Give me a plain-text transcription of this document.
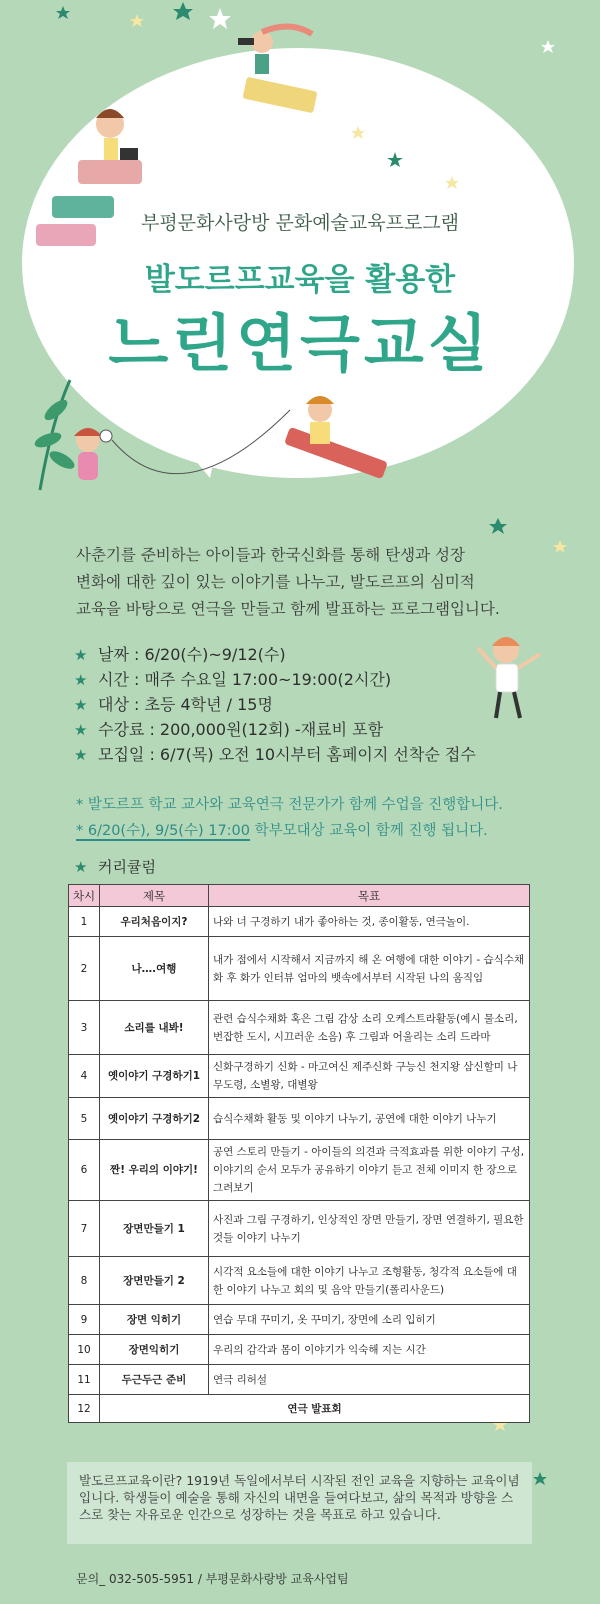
부평문화사랑방 문화예술교육프로그램
발도르프교육을 활용한
느린연극교실
사춘기를 준비하는 아이들과 한국신화를 통해 탄생과 성장
변화에 대한 깊이 있는 이야기를 나누고, 발도르프의 심미적
교육을 바탕으로 연극을 만들고 함께 발표하는 프로그램입니다.
★ 날짜 : 6/20(수)~9/12(수)
★ 시간 : 매주 수요일 17:00~19:00(2시간)
★ 대상 : 초등 4학년 / 15명
★ 수강료 : 200,000원(12회) -재료비 포함
★ 모집일 : 6/7(목) 오전 10시부터 홈페이지 선착순 접수
* 발도르프 학교 교사와 교육연극 전문가가 함께 수업을 진행합니다.
* 6/20(수), 9/5(수) 17:00 학부모대상 교육이 함께 진행 됩니다.
★ 커리큘럼
차시	제목	목표
1	우리처음이지?	나와 너 구경하기 내가 좋아하는 것, 종이활동, 연극놀이.
2	나….여행	내가 점에서 시작해서 지금까지 해 온 여행에 대한 이야기 - 습식수채화 후 화가 인터뷰 엄마의 뱃속에서부터 시작된 나의 움직임
3	소리를 내봐!	관련 습식수채화 혹은 그림 감상 소리 오케스트라활동(예시 물소리, 번잡한 도시, 시끄러운 소음) 후 그림과 어울리는 소리 드라마
4	옛이야기 구경하기1	신화구경하기 신화 - 마고여신 제주신화 구능신 천지왕 삼신할미 나무도령, 소별왕, 대별왕
5	옛이야기 구경하기2	습식수채화 활동 및 이야기 나누기, 공연에 대한 이야기 나누기
6	짠! 우리의 이야기!	공연 스토리 만들기 - 아이들의 의견과 극적효과를 위한 이야기 구성, 이야기의 순서 모두가 공유하기 이야기 듣고 전체 이미지 한 장으로 그려보기
7	장면만들기 1	사진과 그림 구경하기, 인상적인 장면 만들기, 장면 연결하기, 필요한 것들 이야기 나누기
8	장면만들기 2	시각적 요소들에 대한 이야기 나누고 조형활동, 청각적 요소들에 대한 이야기 나누고 회의 및 음악 만들기(폴리사운드)
9	장면 익히기	연습 무대 꾸미기, 옷 꾸미기, 장면에 소리 입히기
10	장면익히기	우리의 감각과 몸이 이야기가 익숙해 지는 시간
11	두근두근 준비	연극 리허설
12	연극 발표회	
발도르프교육이란? 1919년 독일에서부터 시작된 전인 교육을 지향하는 교육이념입니다. 학생들이 예술을 통해 자신의 내면을 들여다보고, 삶의 목적과 방향을 스스로 찾는 자유로운 인간으로 성장하는 것을 목표로 하고 있습니다.
문의_ 032-505-5951 / 부평문화사랑방 교육사업팀
